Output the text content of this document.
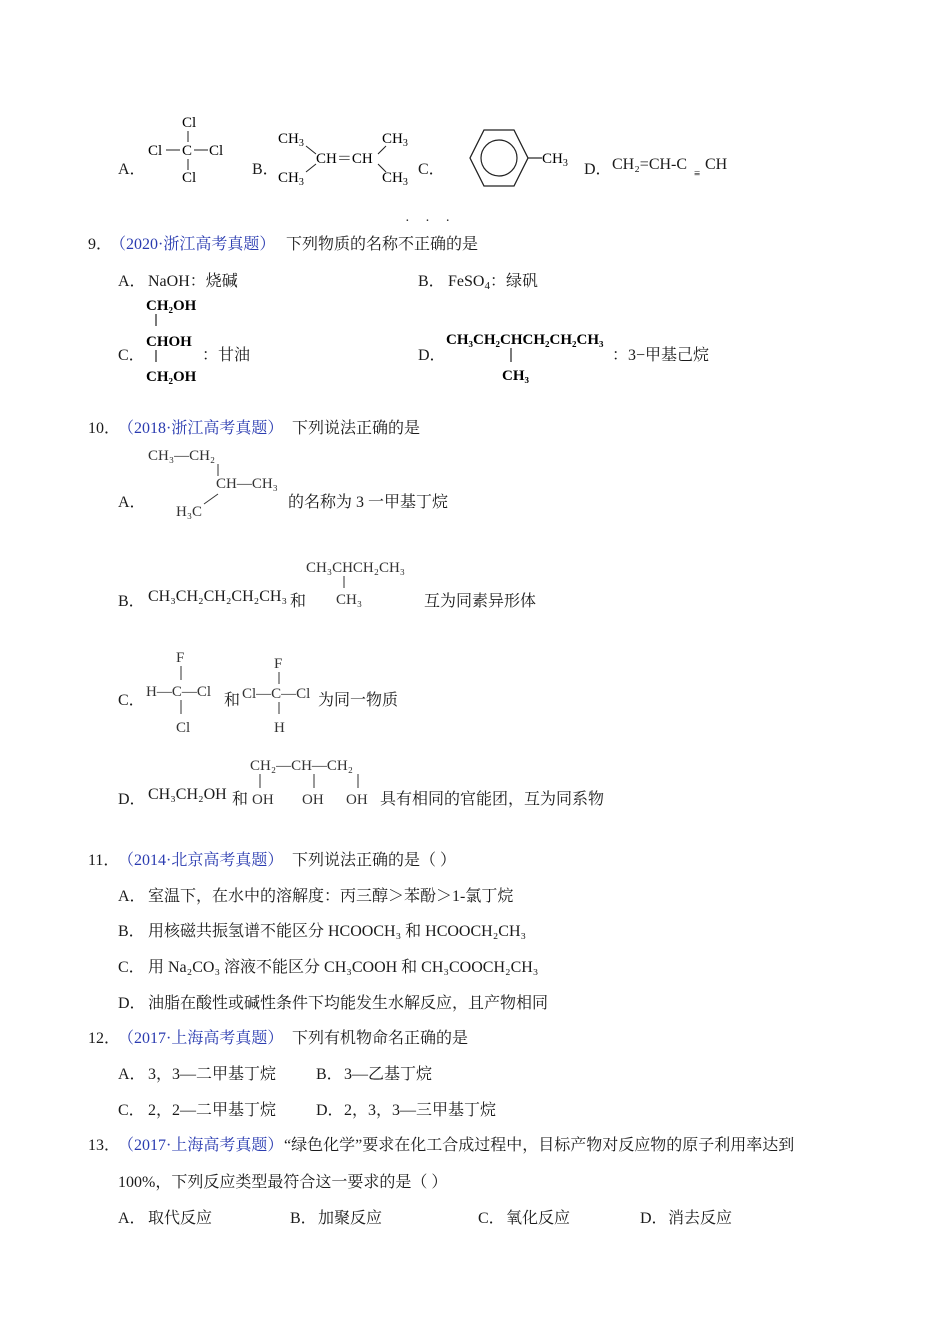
A．
Cl
Cl C Cl
Cl	B．
$CH_3$
$CH_3$
CH＝CH
$CH_3$
$CH_3$
C．
$CH_3$ D． CH₂=CH-C CH
≡
9．
（2020·浙江高考真题） 下列物质的名称不正确的是
· · ·
A． NaOH：烧碱	B． FeSO$_4$：绿矾
C．
CH₂OH
CHOH
CH₂OH
：甘油	D．
CH₃CH₂CHCH₂CH₂CH₃
CH₃
：3−甲基己烷
10．
（2018·浙江高考真题） 下列说法正确的是
A．
CH₃—CH₂
CH—CH₃
H₃C
的名称为 3 一甲基丁烷
B． CH₃CH₂CH₂CH₂CH₃ 和
CH₃CHCH₂CH₃
CH₃	互为同素异形体
C．
F
H—C—Cl
Cl
和
F
Cl—C—Cl
H
为同一物质
D． CH₃CH₂OH 和
CH₂—CH—CH₂
OH OH OH 具有相同的官能团，互为同系物
11．
（2014·北京高考真题） 下列说法正确的是（ ）
A． 室温下，在水中的溶解度：丙三醇＞苯酚＞1-氯丁烷
B． 用核磁共振氢谱不能区分 HCOOCH₃ 和 HCOOCH₂CH₃
C． 用 Na₂CO₃ 溶液不能区分 CH₃COOH 和 CH₃COOCH₂CH₃
D． 油脂在酸性或碱性条件下均能发生水解反应，且产物相同
12．
（2017·上海高考真题） 下列有机物命名正确的是
A． 3，3—二甲基丁烷 B． 3—乙基丁烷
C． 2，2—二甲基丁烷 D． 2，3，3—三甲基丁烷
13．
（2017·上海高考真题） “绿色化学”要求在化工合成过程中，目标产物对反应物的原子利用率达到
100%，下列反应类型最符合这一要求的是（ ）
A． 取代反应	B． 加聚反应	C． 氧化反应	D． 消去反应
